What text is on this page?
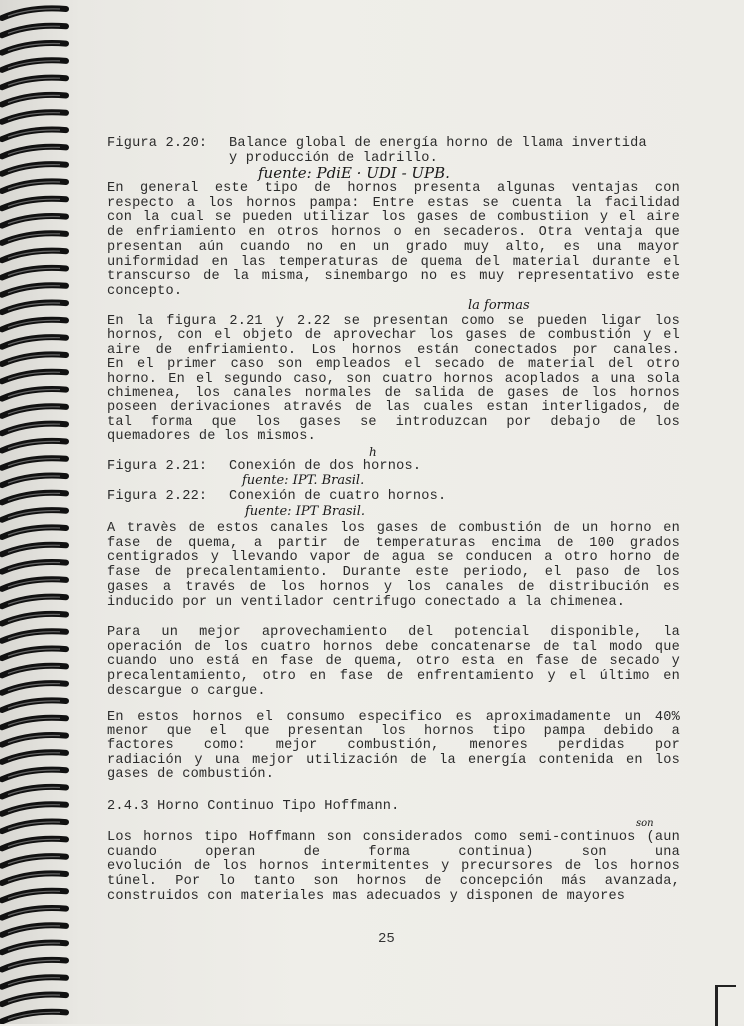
Figura 2.20: Balance global de energía horno de llama invertida
y producción de ladrillo.
fuente: PdiE · UDI - UPB.
En general este tipo de hornos presenta algunas ventajas con
respecto a los hornos pampa: Entre estas se cuenta la facilidad
con la cual se pueden utilizar los gases de combustiion y el aire
de enfriamiento en otros hornos o en secaderos. Otra ventaja que
presentan aún cuando no en un grado muy alto, es una mayor
uniformidad en las temperaturas de quema del material durante el
transcurso de la misma, sinembargo no es muy representativo este
concepto.
En la figura 2.21 y 2.22 se presentan como se pueden ligar los
hornos, con el objeto de aprovechar los gases de combustión y el
aire de enfriamiento. Los hornos están conectados por canales.
En el primer caso son empleados el secado de material del otro
horno. En el segundo caso, son cuatro hornos acoplados a una sola
chimenea, los canales normales de salida de gases de los hornos
poseen derivaciones através de las cuales estan interligados, de
tal forma que los gases se introduzcan por debajo de los
quemadores de los mismos.
A travès de estos canales los gases de combustión de un horno en
fase de quema, a partir de temperaturas encima de 100 grados
centigrados y llevando vapor de agua se conducen a otro horno de
fase de precalentamiento. Durante este periodo, el paso de los
gases a través de los hornos y los canales de distribución es
inducido por un ventilador centrifugo conectado a la chimenea.
Para un mejor aprovechamiento del potencial disponible, la
operación de los cuatro hornos debe concatenarse de tal modo que
cuando uno está en fase de quema, otro esta en fase de secado y
precalentamiento, otro en fase de enfrentamiento y el último en
descargue o cargue.
En estos hornos el consumo especifico es aproximadamente un 40%
menor que el que presentan los hornos tipo pampa debido a
factores como: mejor combustión, menores perdidas por
radiación y una mejor utilización de la energía contenida en los
gases de combustión.
Los hornos tipo Hoffmann son considerados como semi-continuos (aun
cuando operan de forma continua) son una
evolución de los hornos intermitentes y precursores de los hornos
túnel. Por lo tanto son hornos de concepción más avanzada,
construidos con materiales mas adecuados y disponen de mayores
la formas
Figura 2.21: Conexión de dos hornos.
h
fuente: IPT. Brasil.
Figura 2.22: Conexión de cuatro hornos.
fuente: IPT Brasil.
2.4.3 Horno Continuo Tipo Hoffmann.
son
25
